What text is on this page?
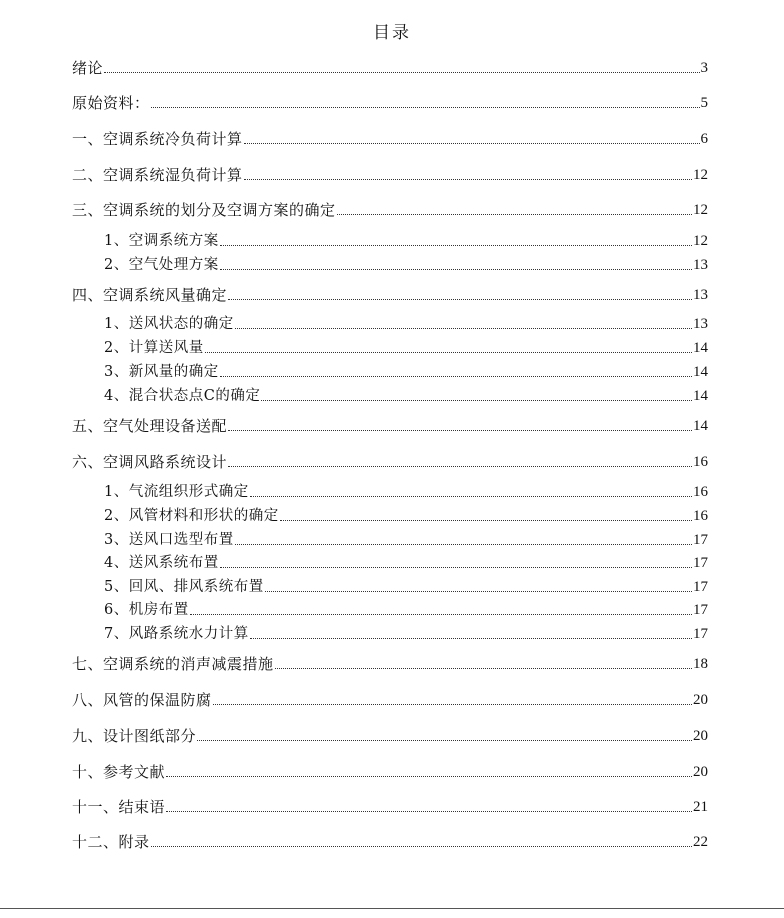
目录
绪论	3
原始资料：	5
一、空调系统冷负荷计算	6
二、空调系统湿负荷计算	12
三、空调系统的划分及空调方案的确定	12
1、空调系统方案	12
2、空气处理方案	13
四、空调系统风量确定	13
1、送风状态的确定	13
2、计算送风量	14
3、新风量的确定	14
4、混合状态点C的确定	14
五、空气处理设备送配	14
六、空调风路系统设计	16
1、气流组织形式确定	16
2、风管材料和形状的确定	16
3、送风口选型布置	17
4、送风系统布置	17
5、回风、排风系统布置	17
6、机房布置	17
7、风路系统水力计算	17
七、空调系统的消声减震措施	18
八、风管的保温防腐	20
九、设计图纸部分	20
十、参考文献	20
十一、结束语	21
十二、附录	22
